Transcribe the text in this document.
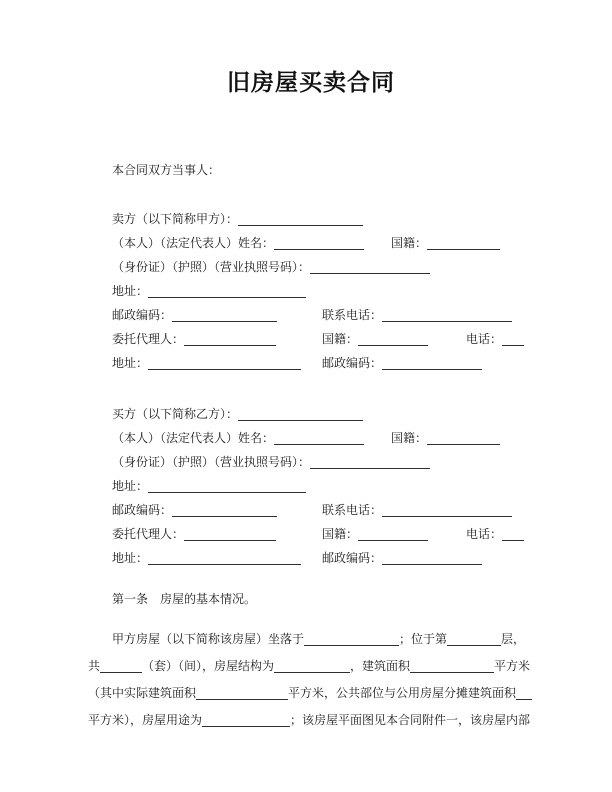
旧房屋买卖合同
本合同双方当事人：
卖方（以下简称甲方）：
（本人）（法定代表人）姓名：	国籍：
（身份证）（护照）（营业执照号码）：
地址：
邮政编码：	联系电话：
委托代理人：	国籍：	电话：
地址：	邮政编码：
买方（以下简称乙方）：
（本人）（法定代表人）姓名：	国籍：
（身份证）（护照）（营业执照号码）：
地址：
邮政编码：	联系电话：
委托代理人：	国籍：	电话：
地址：	邮政编码：
第一条　房屋的基本情况。
甲方房屋（以下简称该房屋）坐落于	；位于第	层，
共	（套）（间），房屋结构为	，建筑面积	平方米
（其中实际建筑面积	平方米，公共部位与公用房屋分摊建筑面积
平方米），房屋用途为	；该房屋平面图见本合同附件一，该房屋内部
